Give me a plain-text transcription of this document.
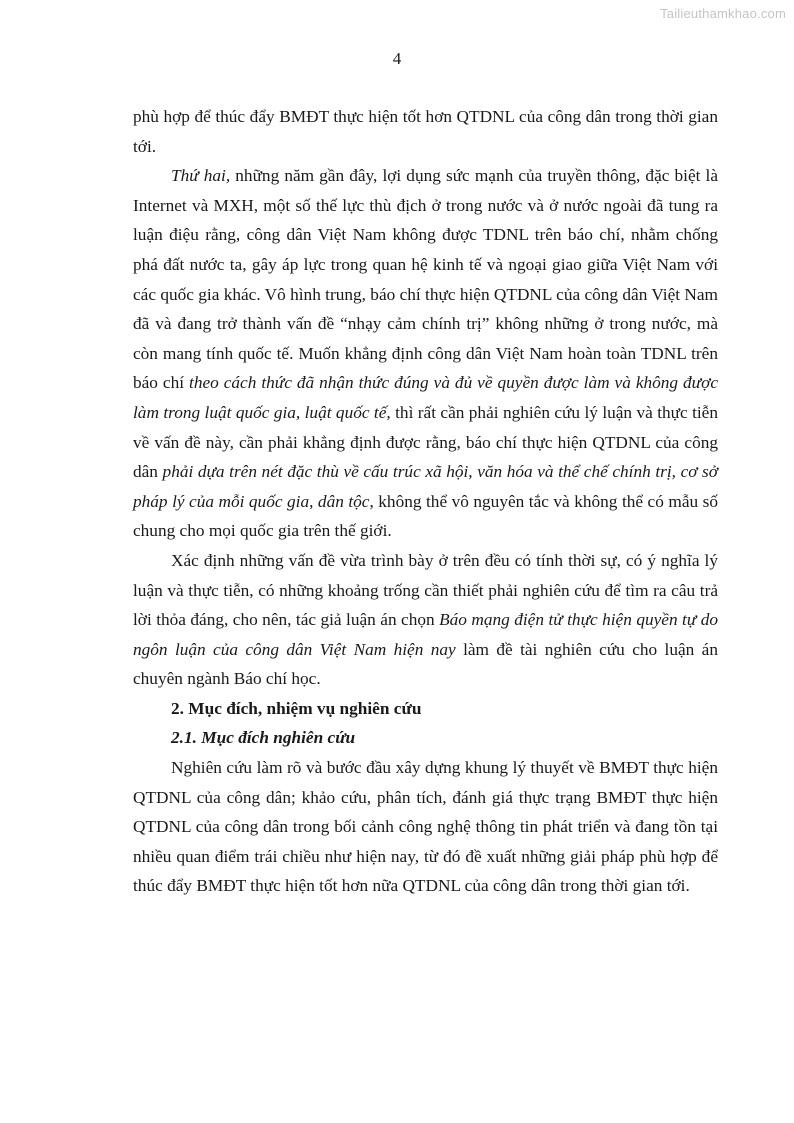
Tailieuthamkhao.com
4

phù hợp để thúc đẩy BMĐT thực hiện tốt hơn QTDNL của công dân trong thời gian tới.

Thứ hai, những năm gần đây, lợi dụng sức mạnh của truyền thông, đặc biệt là Internet và MXH, một số thế lực thù địch ở trong nước và ở nước ngoài đã tung ra luận điệu rằng, công dân Việt Nam không được TDNL trên báo chí, nhằm chống phá đất nước ta, gây áp lực trong quan hệ kinh tế và ngoại giao giữa Việt Nam với các quốc gia khác. Vô hình trung, báo chí thực hiện QTDNL của công dân Việt Nam đã và đang trở thành vấn đề “nhạy cảm chính trị” không những ở trong nước, mà còn mang tính quốc tế. Muốn khẳng định công dân Việt Nam hoàn toàn TDNL trên báo chí theo cách thức đã nhận thức đúng và đủ về quyền được làm và không được làm trong luật quốc gia, luật quốc tế, thì rất cần phải nghiên cứu lý luận và thực tiễn về vấn đề này, cần phải khẳng định được rằng, báo chí thực hiện QTDNL của công dân phải dựa trên nét đặc thù về cấu trúc xã hội, văn hóa và thể chế chính trị, cơ sở pháp lý của mỗi quốc gia, dân tộc, không thể vô nguyên tắc và không thể có mẫu số chung cho mọi quốc gia trên thế giới.

Xác định những vấn đề vừa trình bày ở trên đều có tính thời sự, có ý nghĩa lý luận và thực tiễn, có những khoảng trống cần thiết phải nghiên cứu để tìm ra câu trả lời thỏa đáng, cho nên, tác giả luận án chọn Báo mạng điện tử thực hiện quyền tự do ngôn luận của công dân Việt Nam hiện nay làm đề tài nghiên cứu cho luận án chuyên ngành Báo chí học.

2. Mục đích, nhiệm vụ nghiên cứu
2.1. Mục đích nghiên cứu

Nghiên cứu làm rõ và bước đầu xây dựng khung lý thuyết về BMĐT thực hiện QTDNL của công dân; khảo cứu, phân tích, đánh giá thực trạng BMĐT thực hiện QTDNL của công dân trong bối cảnh công nghệ thông tin phát triển và đang tồn tại nhiều quan điểm trái chiều như hiện nay, từ đó đề xuất những giải pháp phù hợp để thúc đẩy BMĐT thực hiện tốt hơn nữa QTDNL của công dân trong thời gian tới.
